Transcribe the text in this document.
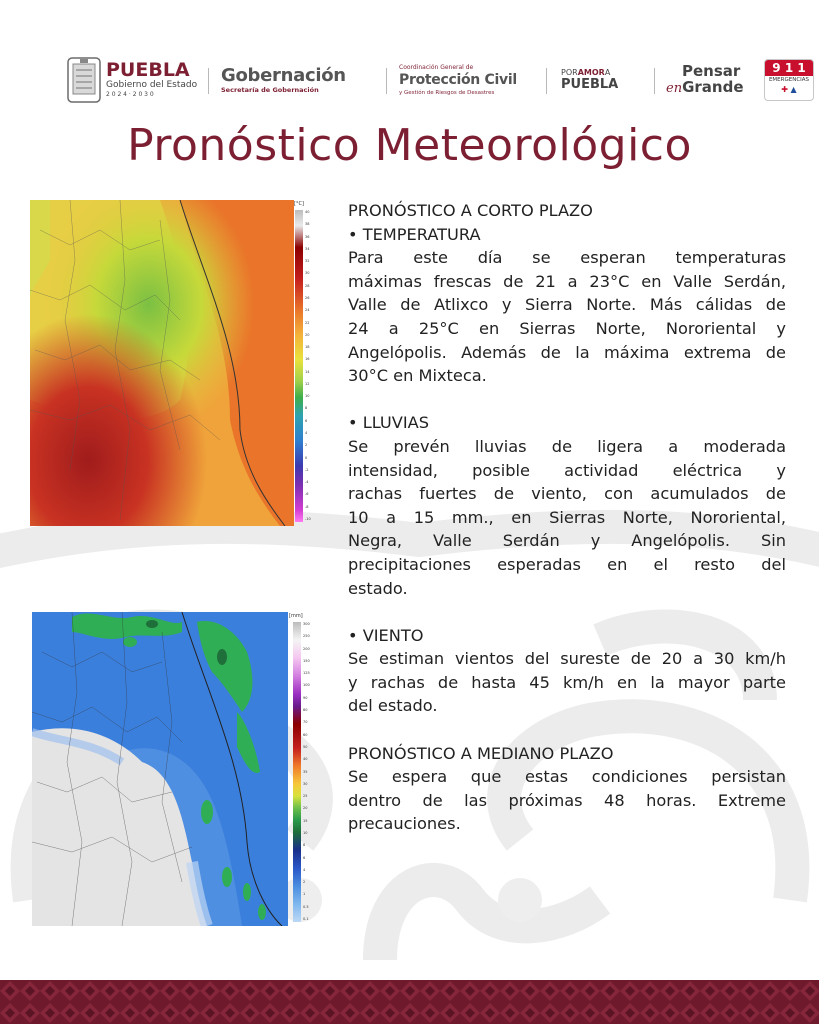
PUEBLA
Gobierno del Estado
2 0 2 4 · 2 0 3 0
Gobernación
Secretaría de Gobernación
Coordinación General de
Protección Civil
y Gestión de Riesgos de Desastres
PORAMORA
PUEBLA
Pensar
enGrande
9 1 1
EMERGENCIAS
✚ ▲
Pronóstico Meteorológico
[°C]
40
38
36
34
32
30
28
26
24
22
20
18
16
14
12
10
8
6
4
2
0
-2
-4
-6
-8
-10
[mm]
300
250
200
150
125
100
90
80
70
60
50
40
35
30
25
20
15
10
8
6
4
2
1
0.5
0.1

PRONÓSTICO A CORTO PLAZO

• TEMPERATURA

Para este día se esperan temperaturas

máximas frescas de 21 a 23°C en Valle Serdán,

Valle de Atlixco y Sierra Norte. Más cálidas de

24 a 25°C en Sierras Norte, Nororiental y

Angelópolis. Además de la máxima extrema de

30°C en Mixteca.

• LLUVIAS

Se prevén lluvias de ligera a moderada

intensidad, posible actividad eléctrica y

rachas fuertes de viento, con acumulados de

10 a 15 mm., en Sierras Norte, Nororiental,

Negra, Valle Serdán y Angelópolis. Sin

precipitaciones esperadas en el resto del

estado.

• VIENTO

Se estiman vientos del sureste de 20 a 30 km/h

y rachas de hasta 45 km/h en la mayor parte

del estado.

PRONÓSTICO A MEDIANO PLAZO

Se espera que estas condiciones persistan

dentro de las próximas 48 horas. Extreme

precauciones.
